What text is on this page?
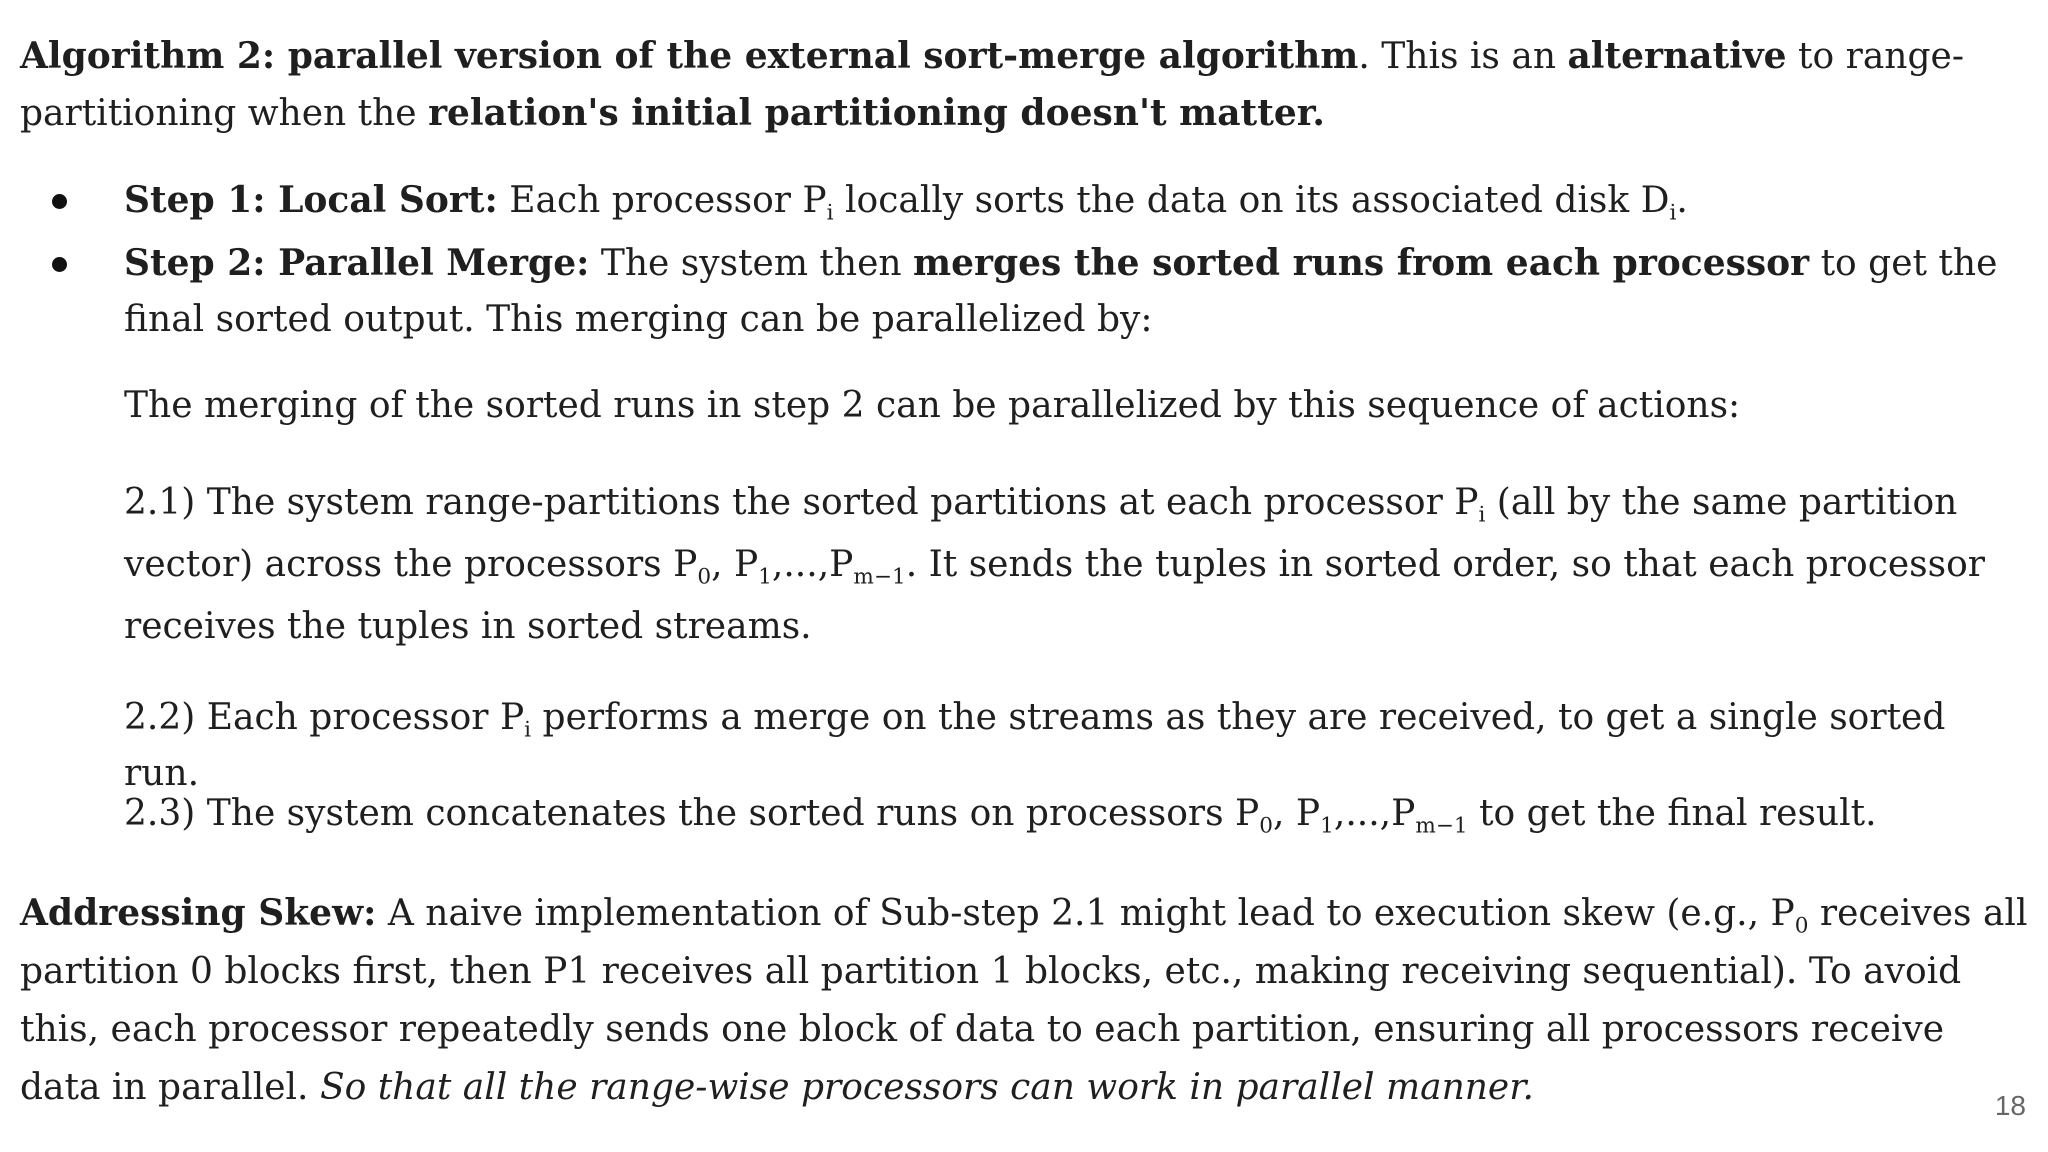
Algorithm 2: parallel version of the external sort-merge algorithm. This is an alternative to range-partitioning when the relation's initial partitioning doesn't matter.
Step 1: Local Sort: Each processor $P_i$ locally sorts the data on its associated disk $D_i$.
Step 2: Parallel Merge: The system then merges the sorted runs from each processor to get the final sorted output. This merging can be parallelized by:
The merging of the sorted runs in step 2 can be parallelized by this sequence of actions:
2.1) The system range-partitions the sorted partitions at each processor $P_i$ (all by the same partition vector) across the processors $P_0$, $P_1,...,P_{m-1}$. It sends the tuples in sorted order, so that each processor receives the tuples in sorted streams.
2.2) Each processor $P_i$ performs a merge on the streams as they are received, to get a single sorted run.
2.3) The system concatenates the sorted runs on processors $P_0$, $P_1,...,P_{m-1}$ to get the final result.
Addressing Skew: A naive implementation of Sub-step 2.1 might lead to execution skew (e.g., $P_0$ receives all partition 0 blocks first, then P1 receives all partition 1 blocks, etc., making receiving sequential). To avoid this, each processor repeatedly sends one block of data to each partition, ensuring all processors receive data in parallel. So that all the range-wise processors can work in parallel manner.	18
